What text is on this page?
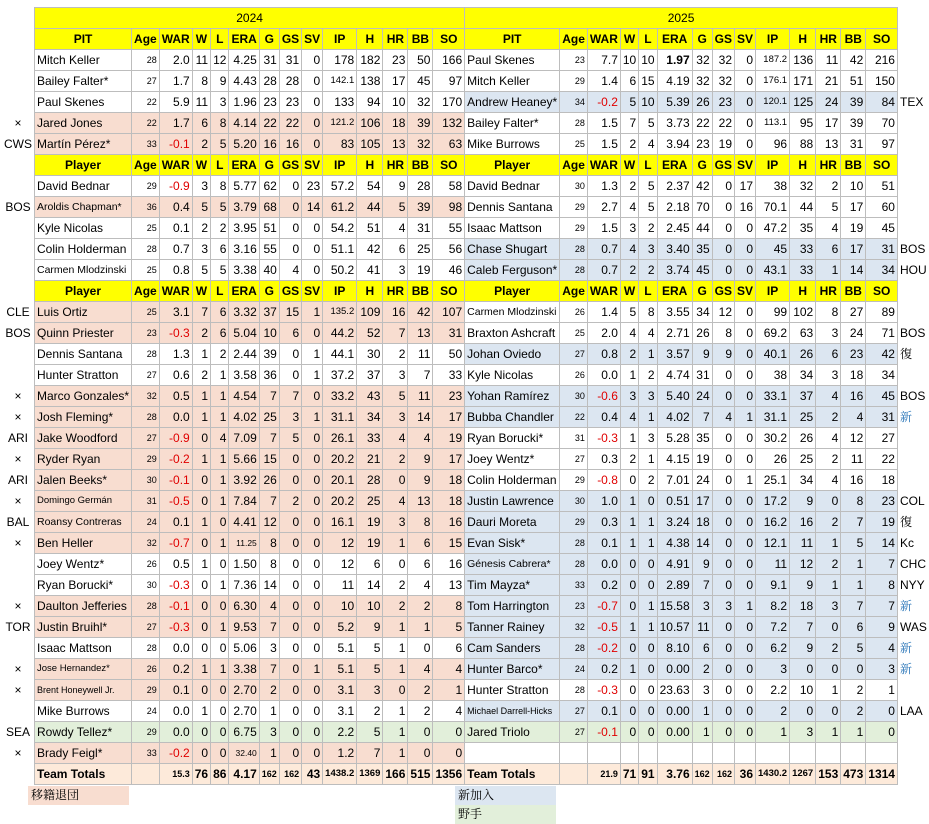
	2024														2025														
	PIT	Age	WAR	W	L	ERA	G	GS	SV	IP	H	HR	BB	SO	PIT	Age	WAR	W	L	ERA	G	GS	SV	IP	H	HR	BB	SO	
	Mitch Keller	28	2.0	11	12	4.25	31	31	0	178	182	23	50	166	Paul Skenes	23	7.7	10	10	1.97	32	32	0	187.2	136	11	42	216	
	Bailey Falter*	27	1.7	8	9	4.43	28	28	0	142.1	138	17	45	97	Mitch Keller	29	1.4	6	15	4.19	32	32	0	176.1	171	21	51	150	
	Paul Skenes	22	5.9	11	3	1.96	23	23	0	133	94	10	32	170	Andrew Heaney*	34	-0.2	5	10	5.39	26	23	0	120.1	125	24	39	84	TEX
×	Jared Jones	22	1.7	6	8	4.14	22	22	0	121.2	106	18	39	132	Bailey Falter*	28	1.5	7	5	3.73	22	22	0	113.1	95	17	39	70	
CWS	Martín Pérez*	33	-0.1	2	5	5.20	16	16	0	83	105	13	32	63	Mike Burrows	25	1.5	2	4	3.94	23	19	0	96	88	13	31	97	
	Player	Age	WAR	W	L	ERA	G	GS	SV	IP	H	HR	BB	SO	Player	Age	WAR	W	L	ERA	G	GS	SV	IP	H	HR	BB	SO	
	David Bednar	29	-0.9	3	8	5.77	62	0	23	57.2	54	9	28	58	David Bednar	30	1.3	2	5	2.37	42	0	17	38	32	2	10	51	
BOS	Aroldis Chapman*	36	0.4	5	5	3.79	68	0	14	61.2	44	5	39	98	Dennis Santana	29	2.7	4	5	2.18	70	0	16	70.1	44	5	17	60	
	Kyle Nicolas	25	0.1	2	2	3.95	51	0	0	54.2	51	4	31	55	Isaac Mattson	29	1.5	3	2	2.45	44	0	0	47.2	35	4	19	45	
	Colin Holderman	28	0.7	3	6	3.16	55	0	0	51.1	42	6	25	56	Chase Shugart	28	0.7	4	3	3.40	35	0	0	45	33	6	17	31	BOS
	Carmen Mlodzinski	25	0.8	5	5	3.38	40	4	0	50.2	41	3	19	46	Caleb Ferguson*	28	0.7	2	2	3.74	45	0	0	43.1	33	1	14	34	HOU
	Player	Age	WAR	W	L	ERA	G	GS	SV	IP	H	HR	BB	SO	Player	Age	WAR	W	L	ERA	G	GS	SV	IP	H	HR	BB	SO	
CLE	Luis Ortiz	25	3.1	7	6	3.32	37	15	1	135.2	109	16	42	107	Carmen Mlodzinski	26	1.4	5	8	3.55	34	12	0	99	102	8	27	89	
BOS	Quinn Priester	23	-0.3	2	6	5.04	10	6	0	44.2	52	7	13	31	Braxton Ashcraft	25	2.0	4	4	2.71	26	8	0	69.2	63	3	24	71	BOS
	Dennis Santana	28	1.3	1	2	2.44	39	0	1	44.1	30	2	11	50	Johan Oviedo	27	0.8	2	1	3.57	9	9	0	40.1	26	6	23	42	復
	Hunter Stratton	27	0.6	2	1	3.58	36	0	1	37.2	37	3	7	33	Kyle Nicolas	26	0.0	1	2	4.74	31	0	0	38	34	3	18	34	
×	Marco Gonzales*	32	0.5	1	1	4.54	7	7	0	33.2	43	5	11	23	Yohan Ramírez	30	-0.6	3	3	5.40	24	0	0	33.1	37	4	16	45	BOS
×	Josh Fleming*	28	0.0	1	1	4.02	25	3	1	31.1	34	3	14	17	Bubba Chandler	22	0.4	4	1	4.02	7	4	1	31.1	25	2	4	31	新
ARI	Jake Woodford	27	-0.9	0	4	7.09	7	5	0	26.1	33	4	4	19	Ryan Borucki*	31	-0.3	1	3	5.28	35	0	0	30.2	26	4	12	27	
×	Ryder Ryan	29	-0.2	1	1	5.66	15	0	0	20.2	21	2	9	17	Joey Wentz*	27	0.3	2	1	4.15	19	0	0	26	25	2	11	22	
ARI	Jalen Beeks*	30	-0.1	0	1	3.92	26	0	0	20.1	28	0	9	18	Colin Holderman	29	-0.8	0	2	7.01	24	0	1	25.1	34	4	16	18	
×	Domingo Germán	31	-0.5	0	1	7.84	7	2	0	20.2	25	4	13	18	Justin Lawrence	30	1.0	1	0	0.51	17	0	0	17.2	9	0	8	23	COL
BAL	Roansy Contreras	24	0.1	1	0	4.41	12	0	0	16.1	19	3	8	16	Dauri Moreta	29	0.3	1	1	3.24	18	0	0	16.2	16	2	7	19	復
×	Ben Heller	32	-0.7	0	1	11.25	8	0	0	12	19	1	6	15	Evan Sisk*	28	0.1	1	1	4.38	14	0	0	12.1	11	1	5	14	Kc
	Joey Wentz*	26	0.5	1	0	1.50	8	0	0	12	6	0	6	16	Génesis Cabrera*	28	0.0	0	0	4.91	9	0	0	11	12	2	1	7	CHC
	Ryan Borucki*	30	-0.3	0	1	7.36	14	0	0	11	14	2	4	13	Tim Mayza*	33	0.2	0	0	2.89	7	0	0	9.1	9	1	1	8	NYY
×	Daulton Jefferies	28	-0.1	0	0	6.30	4	0	0	10	10	2	2	8	Tom Harrington	23	-0.7	0	1	15.58	3	3	1	8.2	18	3	7	7	新
TOR	Justin Bruihl*	27	-0.3	0	1	9.53	7	0	0	5.2	9	1	1	5	Tanner Rainey	32	-0.5	1	1	10.57	11	0	0	7.2	7	0	6	9	WAS
	Isaac Mattson	28	0.0	0	0	5.06	3	0	0	5.1	5	1	0	6	Cam Sanders	28	-0.2	0	0	8.10	6	0	0	6.2	9	2	5	4	新
×	Jose Hernandez*	26	0.2	1	1	3.38	7	0	1	5.1	5	1	4	4	Hunter Barco*	24	0.2	1	0	0.00	2	0	0	3	0	0	0	3	新
×	Brent Honeywell Jr.	29	0.1	0	0	2.70	2	0	0	3.1	3	0	2	1	Hunter Stratton	28	-0.3	0	0	23.63	3	0	0	2.2	10	1	2	1	
	Mike Burrows	24	0.0	1	0	2.70	1	0	0	3.1	2	1	2	4	Michael Darrell-Hicks	27	0.1	0	0	0.00	1	0	0	2	0	0	2	0	LAA
SEA	Rowdy Tellez*	29	0.0	0	0	6.75	3	0	0	2.2	5	1	0	0	Jared Triolo	27	-0.1	0	0	0.00	1	0	0	1	3	1	1	0	
×	Brady Feigl*	33	-0.2	0	0	32.40	1	0	0	1.2	7	1	0	0															
	Team Totals		15.3	76	86	4.17	162	162	43	1438.2	1369	166	515	1356	Team Totals		21.9	71	91	3.76	162	162	36	1430.2	1267	153	473	1314	
移籍退団	新加入
野手
